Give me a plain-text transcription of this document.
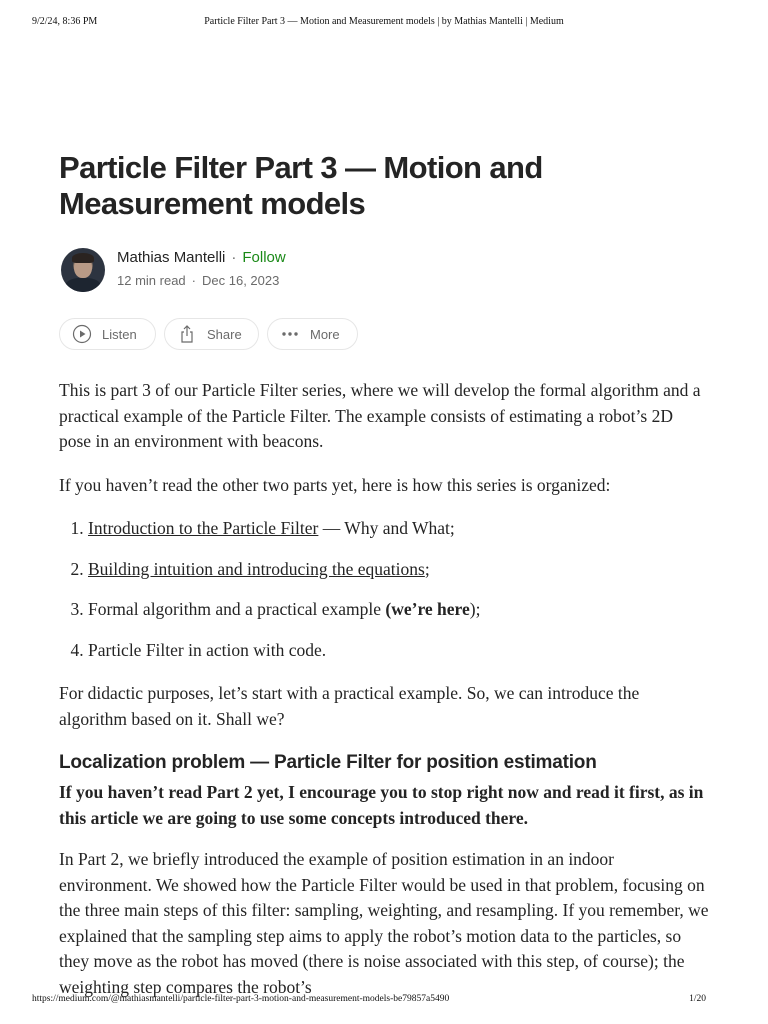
9/2/24, 8:36 PM	Particle Filter Part 3 — Motion and Measurement models | by Mathias Mantelli | Medium
Particle Filter Part 3 — Motion and Measurement models
Mathias Mantelli · Follow
12 min read · Dec 16, 2023
Listen	Share	More

This is part 3 of our Particle Filter series, where we will develop the formal algorithm and a practical example of the Particle Filter. The example consists of estimating a robot’s 2D pose in an environment with beacons.

If you haven’t read the other two parts yet, here is how this series is organized:

1. Introduction to the Particle Filter — Why and What;
2. Building intuition and introducing the equations;
3. Formal algorithm and a practical example (we’re here);
4. Particle Filter in action with code.

For didactic purposes, let’s start with a practical example. So, we can introduce the algorithm based on it. Shall we?

Localization problem — Particle Filter for position estimation

If you haven’t read Part 2 yet, I encourage you to stop right now and read it first, as in this article we are going to use some concepts introduced there.

In Part 2, we briefly introduced the example of position estimation in an indoor environment. We showed how the Particle Filter would be used in that problem, focusing on the three main steps of this filter: sampling, weighting, and resampling. If you remember, we explained that the sampling step aims to apply the robot’s motion data to the particles, so they move as the robot has moved (there is noise associated with this step, of course); the weighting step compares the robot’s

https://medium.com/@mathiasmantelli/particle-filter-part-3-motion-and-measurement-models-be79857a5490	1/20
